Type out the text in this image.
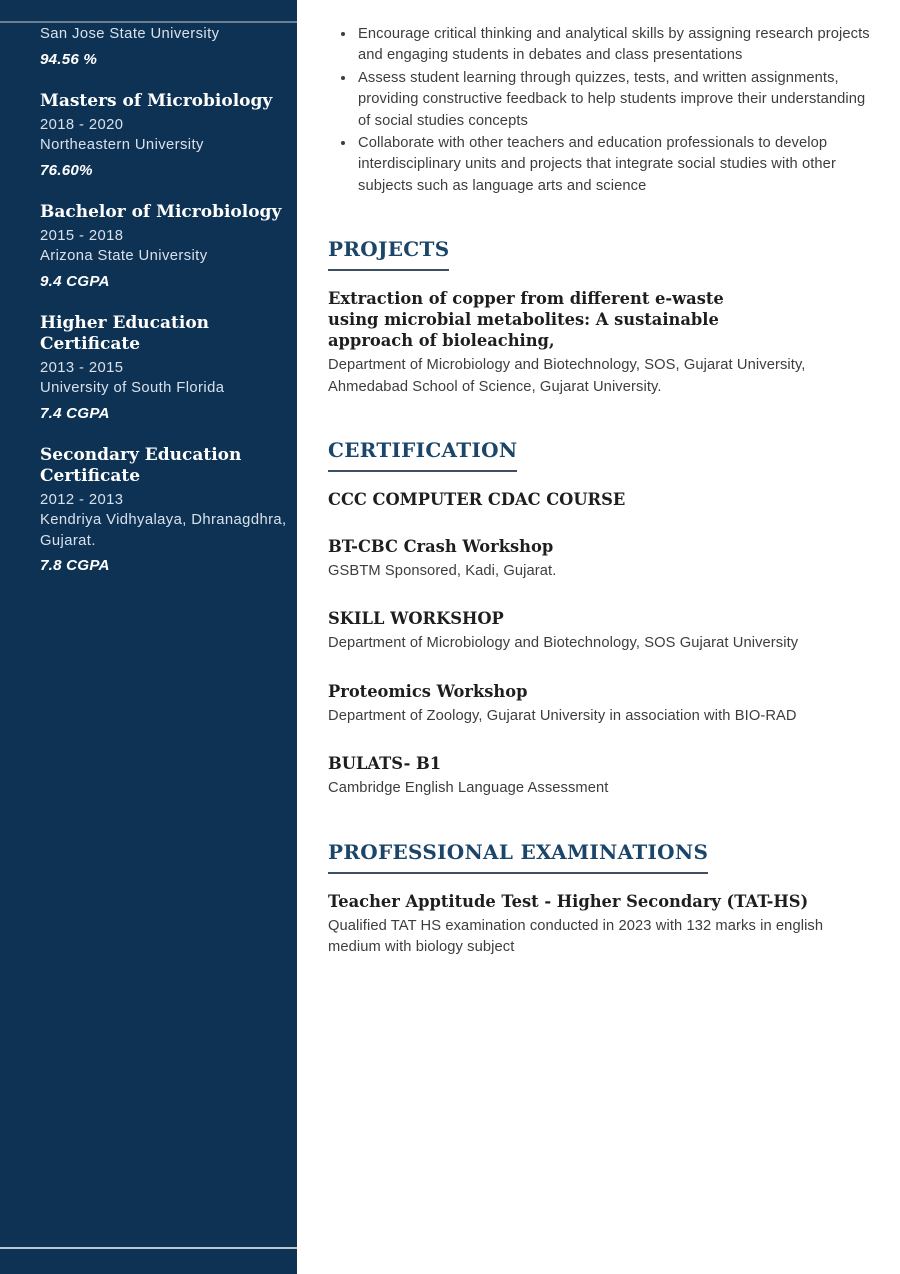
San Jose State University
94.56 %
Masters of Microbiology
2018 - 2020
Northeastern University
76.60%
Bachelor of Microbiology
2015 - 2018
Arizona State University
9.4 CGPA
Higher Education Certificate
2013 - 2015
University of South Florida
7.4 CGPA
Secondary Education Certificate
2012 - 2013
Kendriya Vidhyalaya, Dhranagdhra, Gujarat.
7.8 CGPA
• Encourage critical thinking and analytical skills by assigning research projects and engaging students in debates and class presentations
• Assess student learning through quizzes, tests, and written assignments, providing constructive feedback to help students improve their understanding of social studies concepts
• Collaborate with other teachers and education professionals to develop interdisciplinary units and projects that integrate social studies with other subjects such as language arts and science
PROJECTS
Extraction of copper from different e-waste using microbial metabolites: A sustainable approach of bioleaching,

Department of Microbiology and Biotechnology, SOS, Gujarat University, Ahmedabad School of Science, Gujarat University.

CERTIFICATION
CCC COMPUTER CDAC COURSE
BT-CBC Crash Workshop

GSBTM Sponsored, Kadi, Gujarat.

SKILL WORKSHOP

Department of Microbiology and Biotechnology, SOS Gujarat University

Proteomics Workshop

Department of Zoology, Gujarat University in association with BIO-RAD

BULATS- B1

Cambridge English Language Assessment

PROFESSIONAL EXAMINATIONS
Teacher Apptitude Test - Higher Secondary (TAT-HS)

Qualified TAT HS examination conducted in 2023 with 132 marks in english medium with biology subject
